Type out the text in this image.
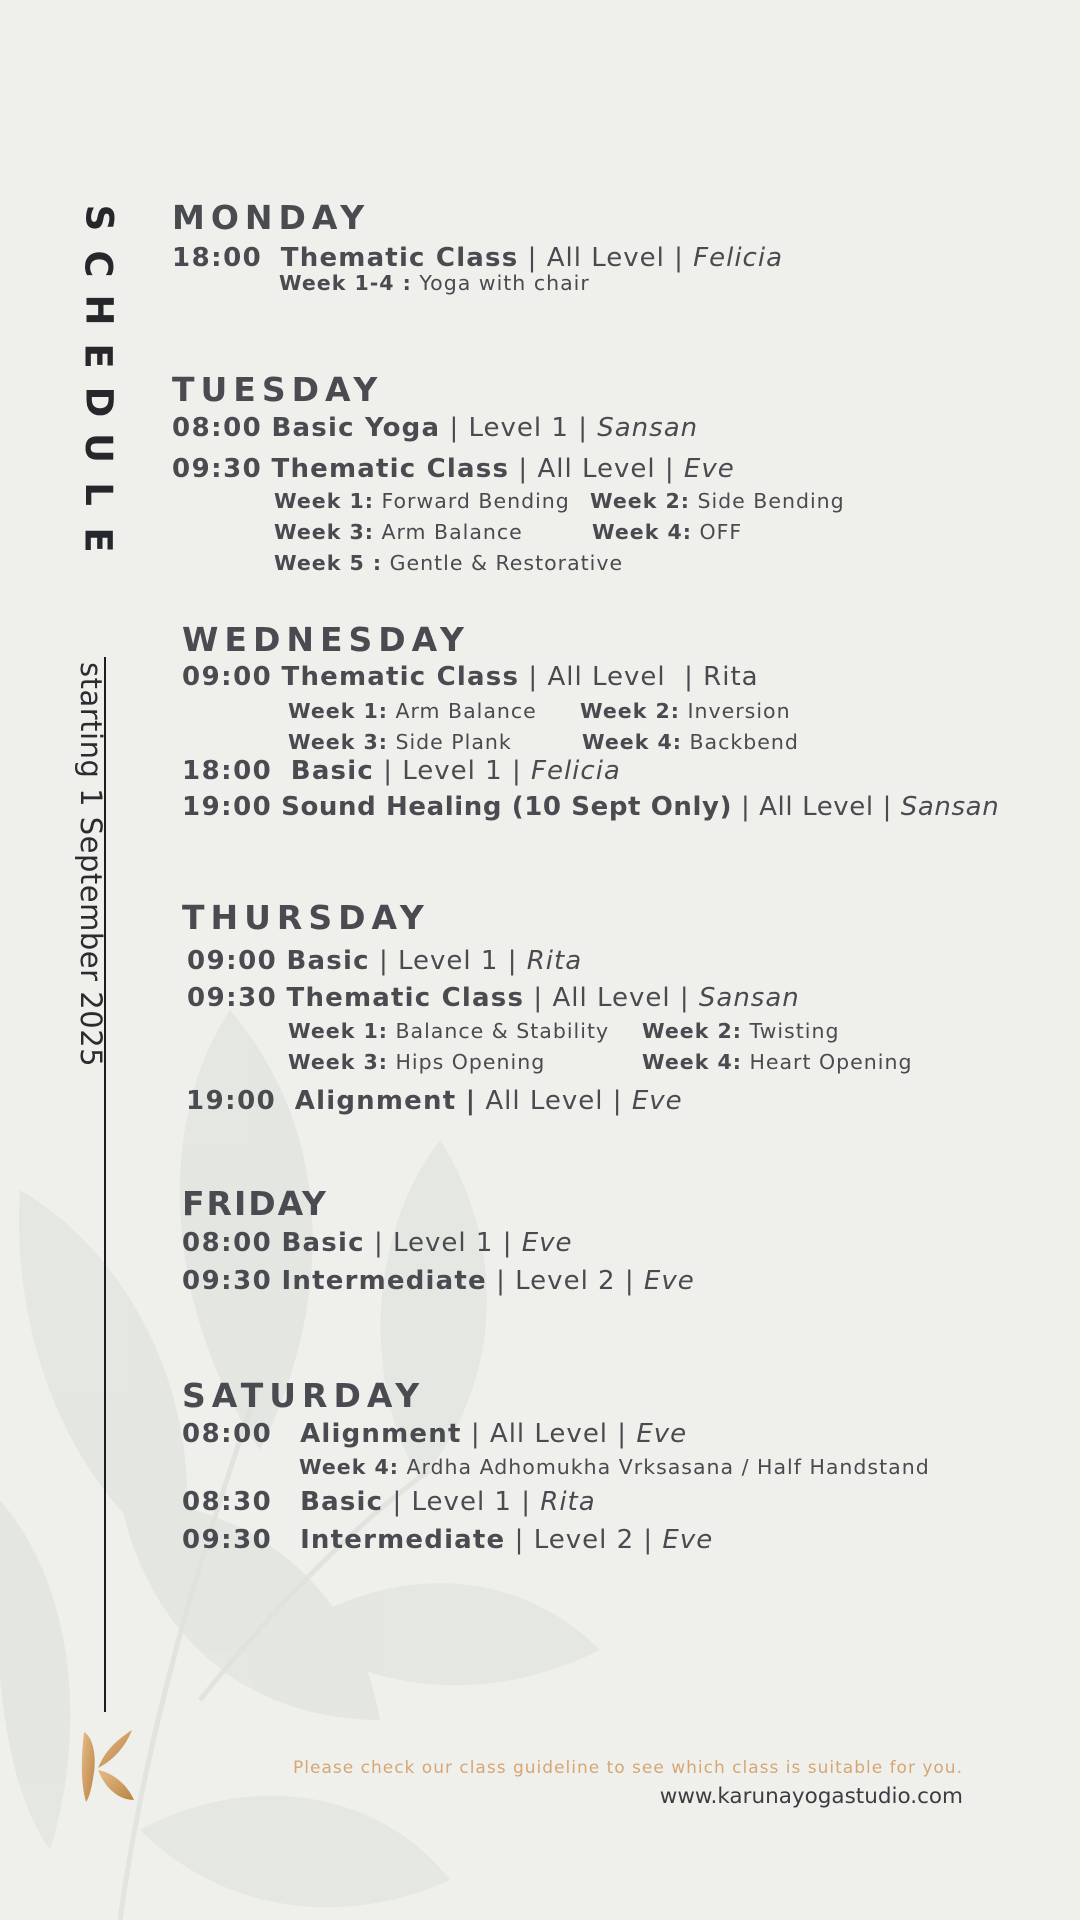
S
C
H
E
D
U
L
E
starting 1 September 2025
MONDAY
18:00 Thematic Class | All Level | Felicia
Week 1-4 : Yoga with chair
TUESDAY
08:00 Basic Yoga | Level 1 | Sansan
09:30 Thematic Class | All Level | Eve
Week 1: Forward Bending Week 2: Side Bending
Week 3: Arm Balance	Week 4: OFF
Week 5 : Gentle & Restorative
WEDNESDAY
09:00 Thematic Class | All Level  | Rita
Week 1: Arm Balance Week 2: Inversion
Week 3: Side Plank	Week 4: Backbend
18:00 Basic | Level 1 | Felicia
19:00 Sound Healing (10 Sept Only) | All Level | Sansan
THURSDAY
09:00 Basic | Level 1 | Rita
09:30 Thematic Class | All Level | Sansan
Week 1: Balance & Stability Week 2: Twisting
Week 3: Hips Opening	Week 4: Heart Opening
19:00 Alignment | All Level | Eve
FRIDAY
08:00 Basic | Level 1 | Eve
09:30 Intermediate | Level 2 | Eve
SATURDAY
08:00 Alignment | All Level | Eve
Week 4: Ardha Adhomukha Vrksasana / Half Handstand
08:30 Basic | Level 1 | Rita
09:30 Intermediate | Level 2 | Eve
Please check our class guideline to see which class is suitable for you.
www.karunayogastudio.com
